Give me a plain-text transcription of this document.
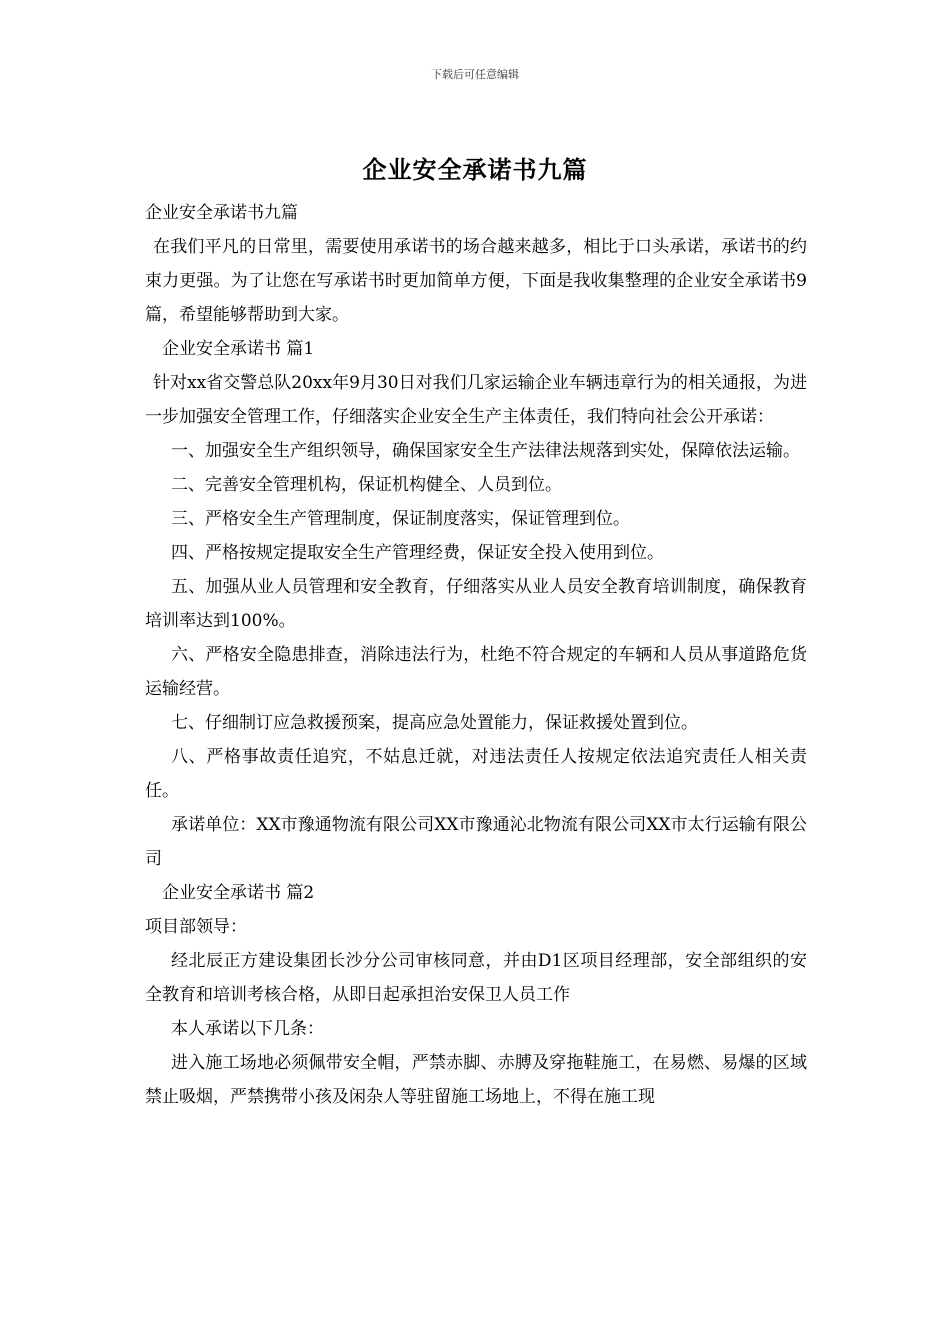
下载后可任意编辑
企业安全承诺书九篇

企业安全承诺书九篇

在我们平凡的日常里，需要使用承诺书的场合越来越多，相比于口头承诺，承诺书的约束力更强。为了让您在写承诺书时更加简单方便，下面是我收集整理的企业安全承诺书9篇，希望能够帮助到大家。

企业安全承诺书 篇1

针对xx省交警总队20xx年9月30日对我们几家运输企业车辆违章行为的相关通报，为进一步加强安全管理工作，仔细落实企业安全生产主体责任，我们特向社会公开承诺：

一、加强安全生产组织领导，确保国家安全生产法律法规落到实处，保障依法运输。

二、完善安全管理机构，保证机构健全、人员到位。

三、严格安全生产管理制度，保证制度落实，保证管理到位。

四、严格按规定提取安全生产管理经费，保证安全投入使用到位。

五、加强从业人员管理和安全教育，仔细落实从业人员安全教育培训制度，确保教育培训率达到100%。

六、严格安全隐患排查，消除违法行为，杜绝不符合规定的车辆和人员从事道路危货运输经营。

七、仔细制订应急救援预案，提高应急处置能力，保证救援处置到位。

八、严格事故责任追究，不姑息迁就，对违法责任人按规定依法追究责任人相关责任。

承诺单位：XX市豫通物流有限公司XX市豫通沁北物流有限公司XX市太行运输有限公司

企业安全承诺书 篇2

项目部领导：

经北辰正方建设集团长沙分公司审核同意，并由D1区项目经理部，安全部组织的安全教育和培训考核合格，从即日起承担治安保卫人员工作

本人承诺以下几条：

进入施工场地必须佩带安全帽，严禁赤脚、赤膊及穿拖鞋施工，在易燃、易爆的区域禁止吸烟，严禁携带小孩及闲杂人等驻留施工场地上，不得在施工现
